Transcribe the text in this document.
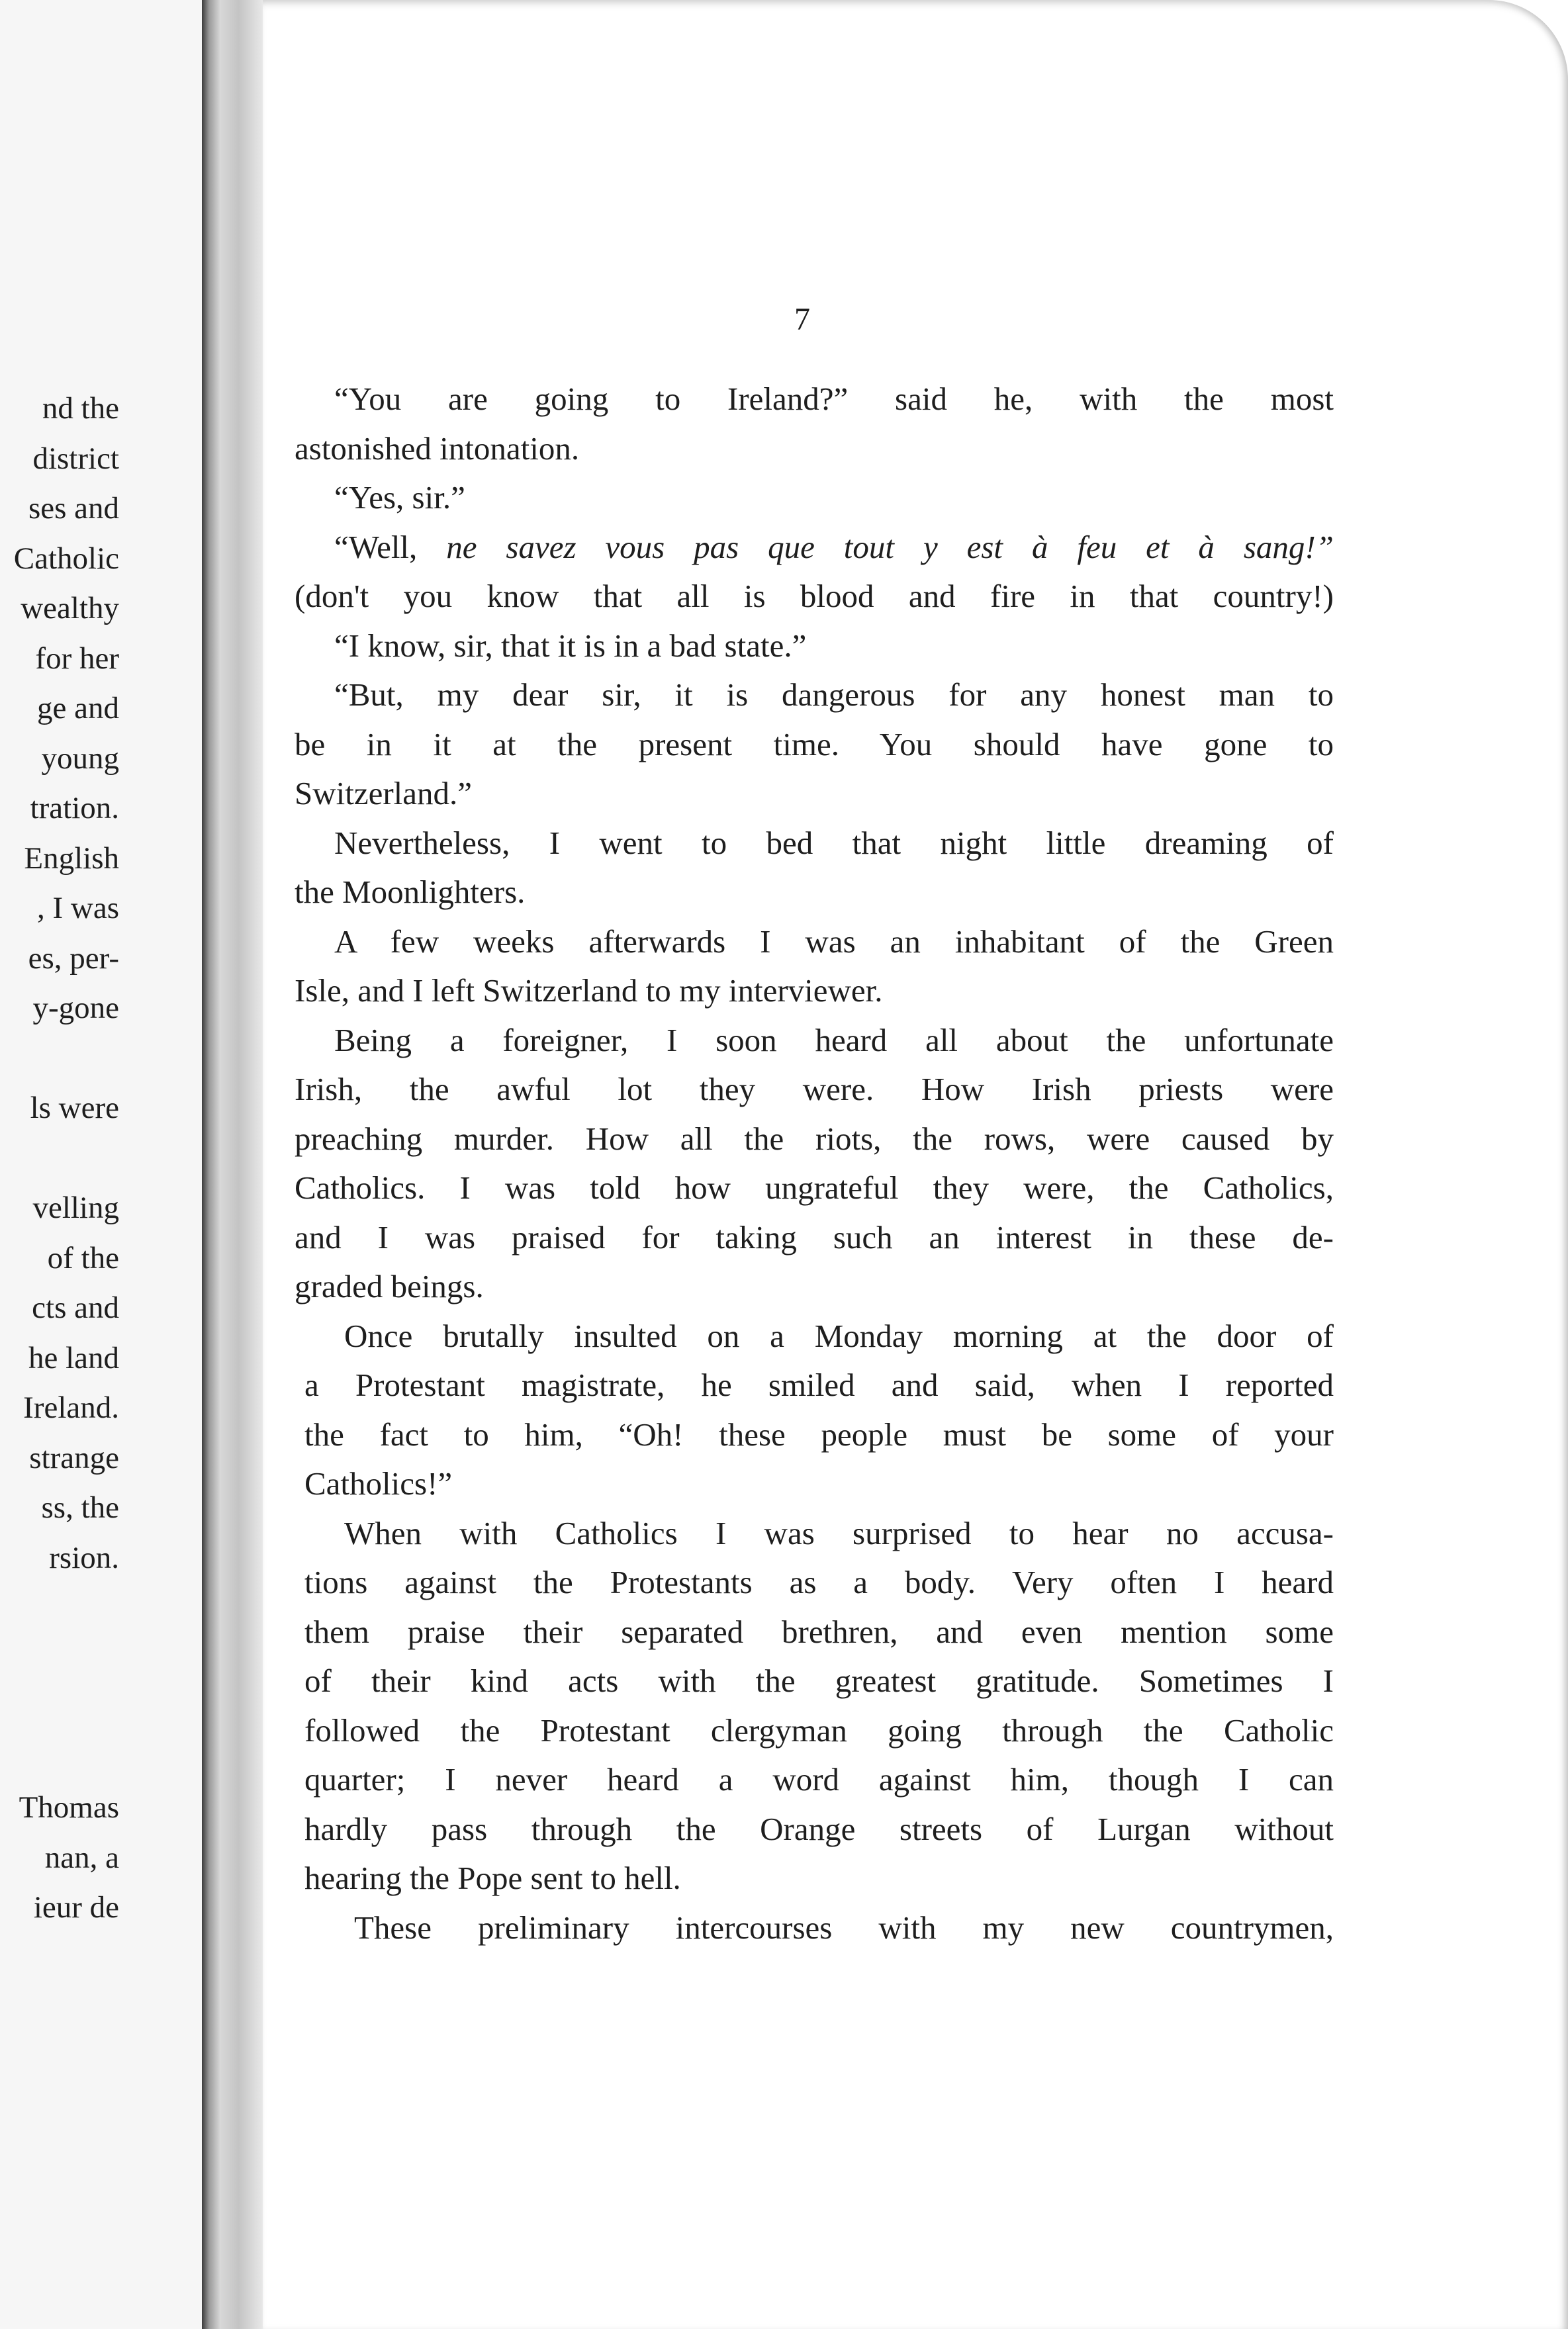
nd the
district
ses and
Catholic
wealthy
for her
ge and
young
tration.
English
, I was
es, per-
y-gone
ls were
velling
of the
cts and
he land
Ireland.
strange
ss, the
rsion.
Thomas
nan, a
ieur de
7
“You are going to Ireland?” said he, with the most
astonished intonation.
“Yes, sir.”
“Well, ne savez vous pas que tout y est à feu et à sang!”
(don't you know that all is blood and fire in that country!)
“I know, sir, that it is in a bad state.”
“But, my dear sir, it is dangerous for any honest man to
be in it at the present time. You should have gone to
Switzerland.”
Nevertheless, I went to bed that night little dreaming of
the Moonlighters.
A few weeks afterwards I was an inhabitant of the Green
Isle, and I left Switzerland to my interviewer.
Being a foreigner, I soon heard all about the unfortunate
Irish, the awful lot they were. How Irish priests were
preaching murder. How all the riots, the rows, were caused by
Catholics. I was told how ungrateful they were, the Catholics,
and I was praised for taking such an interest in these de-
graded beings.
Once brutally insulted on a Monday morning at the door of
a Protestant magistrate, he smiled and said, when I reported
the fact to him, “Oh! these people must be some of your
Catholics!”
When with Catholics I was surprised to hear no accusa-
tions against the Protestants as a body. Very often I heard
them praise their separated brethren, and even mention some
of their kind acts with the greatest gratitude. Sometimes I
followed the Protestant clergyman going through the Catholic
quarter; I never heard a word against him, though I can
hardly pass through the Orange streets of Lurgan without
hearing the Pope sent to hell.
These preliminary intercourses with my new countrymen,
